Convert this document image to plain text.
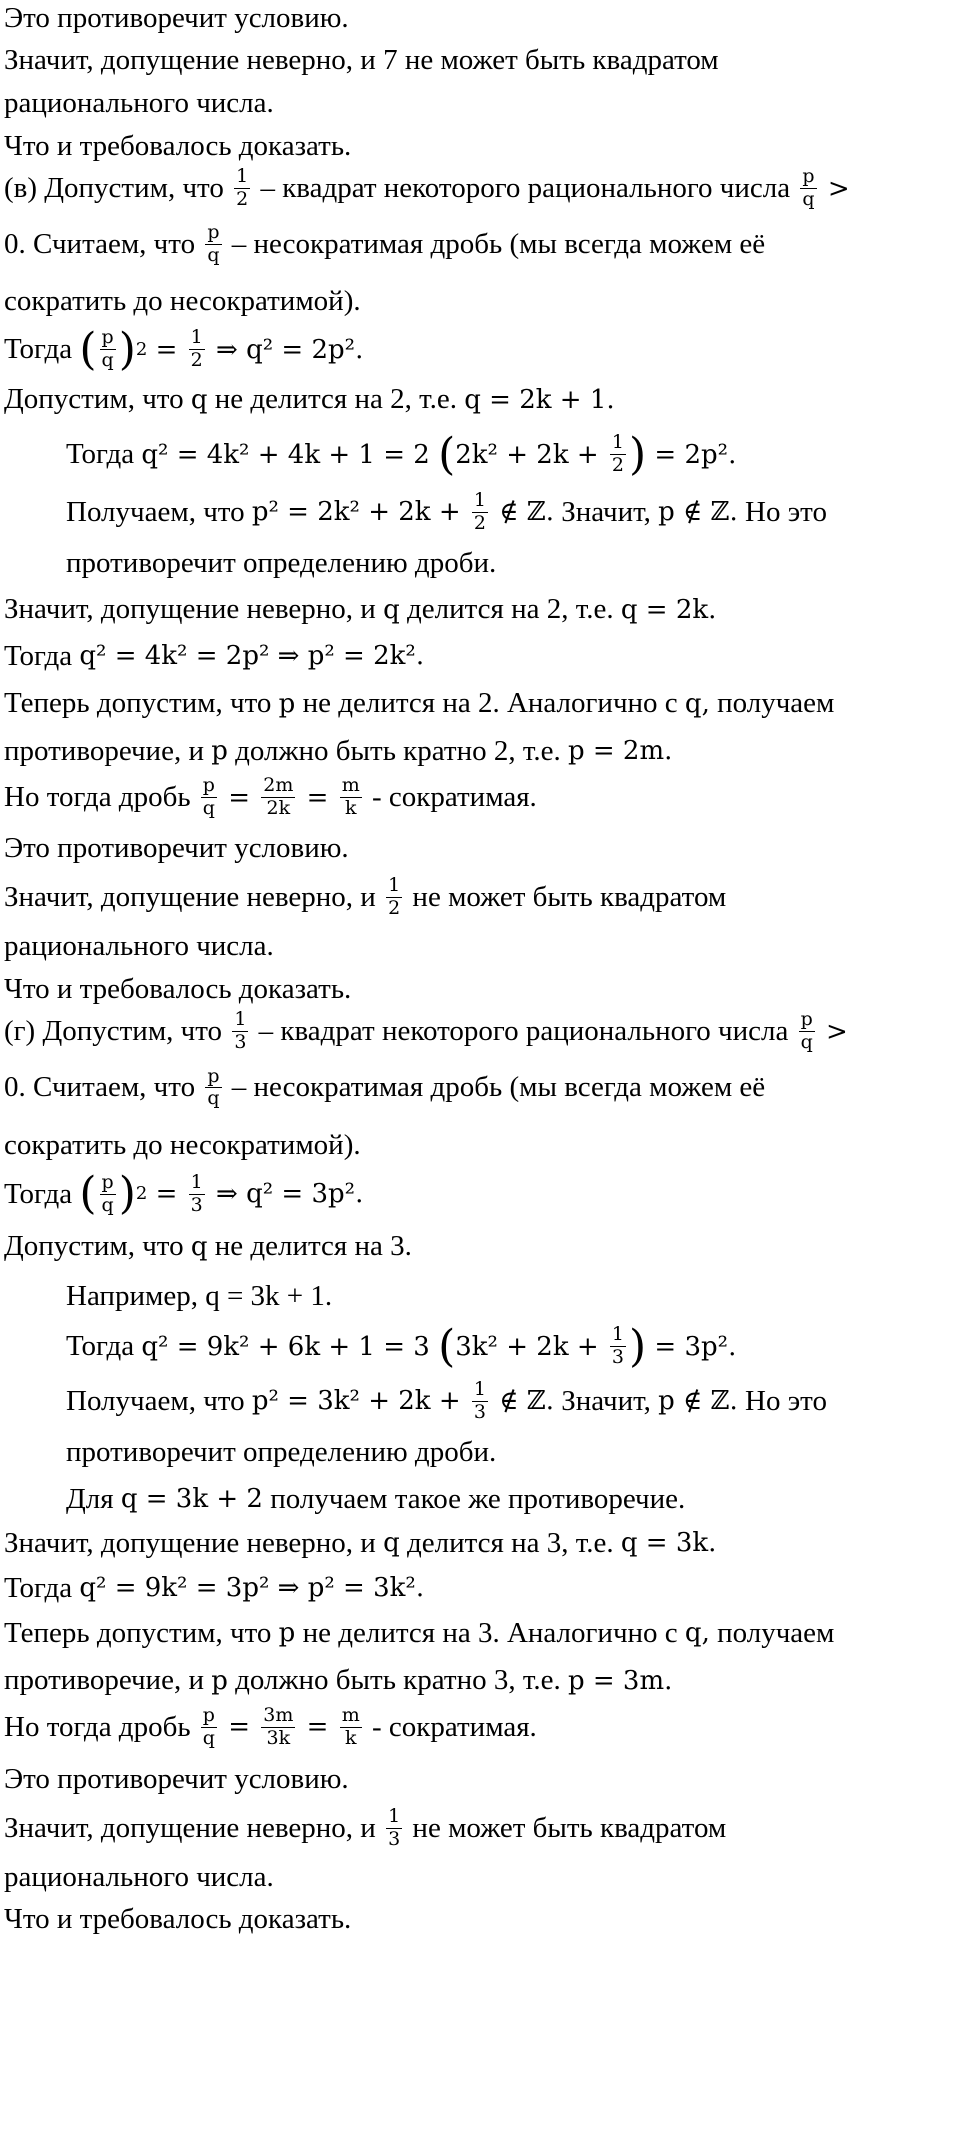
Это противоречит условию.
Значит, допущение неверно, и 7 не может быть квадратом
рационального числа.
Что и требовалось доказать.
(в) Допустим, что $\frac{1}{2}$ – квадрат некоторого рационального числа $\frac{p}{q}$ >
0. Считаем, что $\frac{p}{q}$ – несократимая дробь (мы всегда можем её
сократить до несократимой).
Тогда ( $\frac{p}{q}$ ) $2 = \frac{1}{2}$ ⇒ q² = 2p².
Допустим, что q не делится на 2, т.е. q = 2k + 1.
Тогда q² = 4k² + 4k + 1 = 2 ( $2k^2 + 2k + \frac{1}{2}$ ) = 2p².
Получаем, что $p^2 = 2k^2 + 2k + \frac{1}{2}$ ∉ ℤ. Значит, p ∉ ℤ. Но это
противоречит определению дроби.
Значит, допущение неверно, и q делится на 2, т.е. q = 2k.
Тогда q² = 4k² = 2p² ⇒ p² = 2k².
Теперь допустим, что p не делится на 2. Аналогично с q, получаем
противоречие, и p должно быть кратно 2, т.е. p = 2m.
Но тогда дробь $\frac{p}{q} = \frac{2m}{2k} = \frac{m}{k}$ - сократимая.
Это противоречит условию.
Значит, допущение неверно, и $\frac{1}{2}$ не может быть квадратом
рационального числа.
Что и требовалось доказать.
(г) Допустим, что $\frac{1}{3}$ – квадрат некоторого рационального числа $\frac{p}{q}$ >
0. Считаем, что $\frac{p}{q}$ – несократимая дробь (мы всегда можем её
сократить до несократимой).
Тогда ( $\frac{p}{q}$ ) $2 = \frac{1}{3}$ ⇒ q² = 3p².
Допустим, что q не делится на 3.
Например, q = 3k + 1.
Тогда q² = 9k² + 6k + 1 = 3 ( $3k^2 + 2k + \frac{1}{3}$ ) = 3p².
Получаем, что $p^2 = 3k^2 + 2k + \frac{1}{3}$ ∉ ℤ. Значит, p ∉ ℤ. Но это
противоречит определению дроби.
Для q = 3k + 2 получаем такое же противоречие.
Значит, допущение неверно, и q делится на 3, т.е. q = 3k.
Тогда q² = 9k² = 3p² ⇒ p² = 3k².
Теперь допустим, что p не делится на 3. Аналогично с q, получаем
противоречие, и p должно быть кратно 3, т.е. p = 3m.
Но тогда дробь $\frac{p}{q} = \frac{3m}{3k} = \frac{m}{k}$ - сократимая.
Это противоречит условию.
Значит, допущение неверно, и $\frac{1}{3}$ не может быть квадратом
рационального числа.
Что и требовалось доказать.
